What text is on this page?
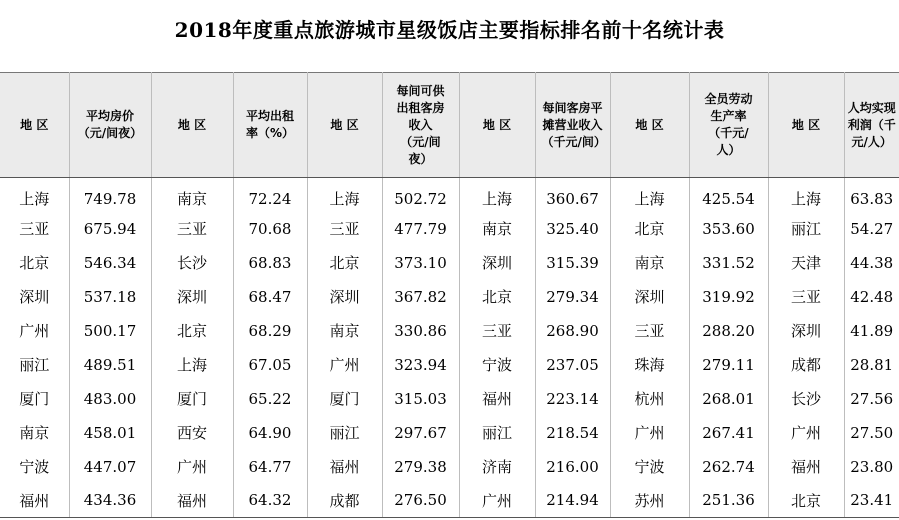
2018年度重点旅游城市星级饭店主要指标排名前十名统计表
地 区	平均房价（元/间夜）	地 区	平均出租率（%）	地 区	每间可供出租客房收入（元/间夜）	地 区	每间客房平摊营业收入（千元/间）	地 区	全员劳动生产率（千元/人）	地 区	人均实现利润（千元/人）
上海	749.78	南京	72.24	上海	502.72	上海	360.67	上海	425.54	上海	63.83
三亚	675.94	三亚	70.68	三亚	477.79	南京	325.40	北京	353.60	丽江	54.27
北京	546.34	长沙	68.83	北京	373.10	深圳	315.39	南京	331.52	天津	44.38
深圳	537.18	深圳	68.47	深圳	367.82	北京	279.34	深圳	319.92	三亚	42.48
广州	500.17	北京	68.29	南京	330.86	三亚	268.90	三亚	288.20	深圳	41.89
丽江	489.51	上海	67.05	广州	323.94	宁波	237.05	珠海	279.11	成都	28.81
厦门	483.00	厦门	65.22	厦门	315.03	福州	223.14	杭州	268.01	长沙	27.56
南京	458.01	西安	64.90	丽江	297.67	丽江	218.54	广州	267.41	广州	27.50
宁波	447.07	广州	64.77	福州	279.38	济南	216.00	宁波	262.74	福州	23.80
福州	434.36	福州	64.32	成都	276.50	广州	214.94	苏州	251.36	北京	23.41
